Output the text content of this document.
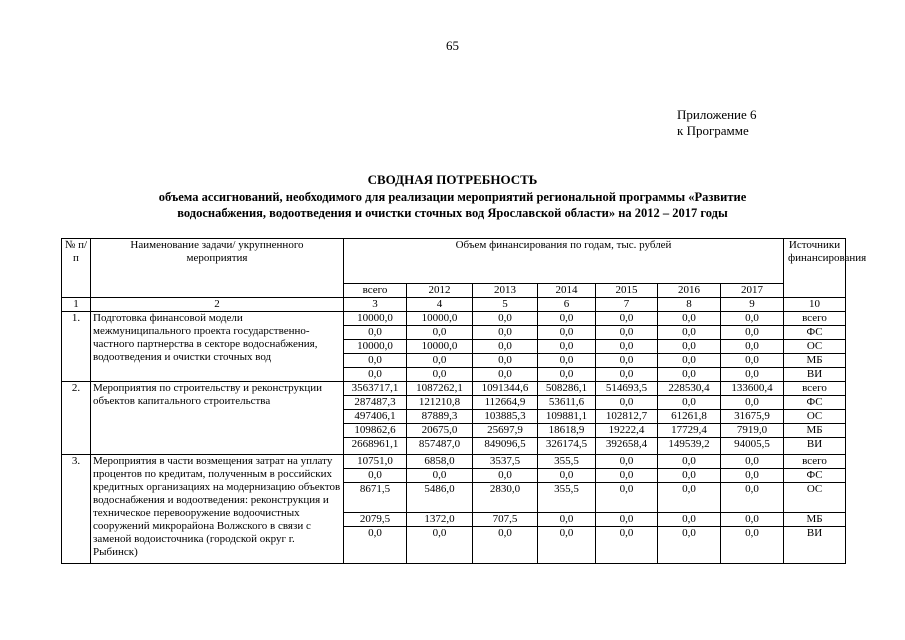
65
Приложение 6
к Программе
СВОДНАЯ ПОТРЕБНОСТЬ
объема ассигнований, необходимого для реализации мероприятий региональной программы «Развитие
водоснабжения, водоотведения и очистки сточных вод Ярославской области» на 2012 – 2017 годы
№ п/п	Наименование задачи/ укрупненного мероприятия	Объем финансирования по годам, тыс. рублей							Источники финансирования
		всего	2012	2013	2014	2015	2016	2017	
1	2	3	4	5	6	7	8	9	10
1.	Подготовка финансовой модели межмуниципального проекта государственно-частного партнерства в секторе водоснабжения, водоотведения и очистки сточных вод	10000,0	10000,0	0,0	0,0	0,0	0,0	0,0	всего
		0,0	0,0	0,0	0,0	0,0	0,0	0,0	ФС
		10000,0	10000,0	0,0	0,0	0,0	0,0	0,0	ОС
		0,0	0,0	0,0	0,0	0,0	0,0	0,0	МБ
		0,0	0,0	0,0	0,0	0,0	0,0	0,0	ВИ
2.	Мероприятия по строительству и реконструкции объектов капитального строительства	3563717,1	1087262,1	1091344,6	508286,1	514693,5	228530,4	133600,4	всего
		287487,3	121210,8	112664,9	53611,6	0,0	0,0	0,0	ФС
		497406,1	87889,3	103885,3	109881,1	102812,7	61261,8	31675,9	ОС
		109862,6	20675,0	25697,9	18618,9	19222,4	17729,4	7919,0	МБ
		2668961,1	857487,0	849096,5	326174,5	392658,4	149539,2	94005,5	ВИ
3.	Мероприятия в части возмещения затрат на уплату процентов по кредитам, полученным в российских кредитных организациях на модернизацию объектов водоснабжения и водоотведения: реконструкция и техническое перевооружение водоочистных сооружений микрорайона Волжского в связи с заменой водоисточника (городской округ г. Рыбинск)	10751,0	6858,0	3537,5	355,5	0,0	0,0	0,0	всего
		0,0	0,0	0,0	0,0	0,0	0,0	0,0	ФС
		8671,5	5486,0	2830,0	355,5	0,0	0,0	0,0	ОС
		2079,5	1372,0	707,5	0,0	0,0	0,0	0,0	МБ
		0,0	0,0	0,0	0,0	0,0	0,0	0,0	ВИ
